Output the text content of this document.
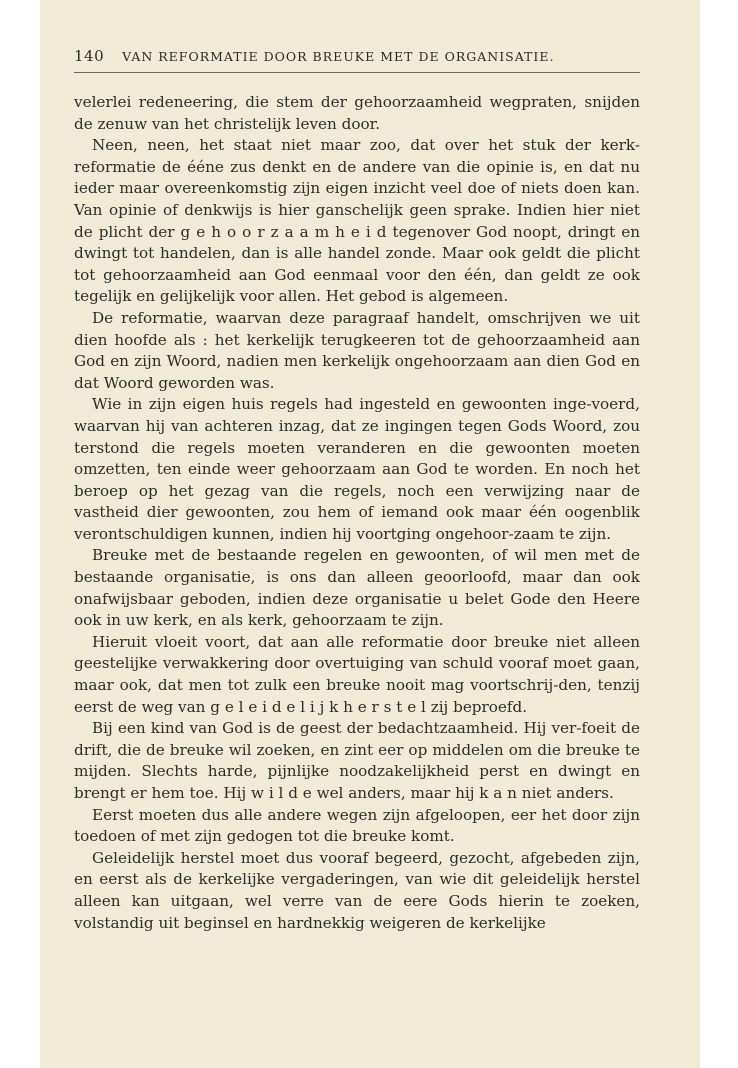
140 VAN REFORMATIE DOOR BREUKE MET DE ORGANISATIE.

velerlei redeneering, die stem der gehoorzaamheid wegpraten, snijden de zenuw van het christelijk leven door.

Neen, neen, het staat niet maar zoo, dat over het stuk der kerk-reformatie de ééne zus denkt en de andere van die opinie is, en dat nu ieder maar overeenkomstig zijn eigen inzicht veel doe of niets doen kan. Van opinie of denkwijs is hier ganschelijk geen sprake. Indien hier niet de plicht der g e h o o r z a a m h e i d tegenover God noopt, dringt en dwingt tot handelen, dan is alle handel zonde. Maar ook geldt die plicht tot gehoorzaamheid aan God eenmaal voor den één, dan geldt ze ook tegelijk en gelijkelijk voor allen. Het gebod is algemeen.

De reformatie, waarvan deze paragraaf handelt, omschrijven we uit dien hoofde als : het kerkelijk terugkeeren tot de gehoorzaamheid aan God en zijn Woord, nadien men kerkelijk ongehoorzaam aan dien God en dat Woord geworden was.

Wie in zijn eigen huis regels had ingesteld en gewoonten inge-voerd, waarvan hij van achteren inzag, dat ze ingingen tegen Gods Woord, zou terstond die regels moeten veranderen en die gewoonten moeten omzetten, ten einde weer gehoorzaam aan God te worden. En noch het beroep op het gezag van die regels, noch een verwijzing naar de vastheid dier gewoonten, zou hem of iemand ook maar één oogenblik verontschuldigen kunnen, indien hij voortging ongehoor-zaam te zijn.

Breuke met de bestaande regelen en gewoonten, of wil men met de bestaande organisatie, is ons dan alleen geoorloofd, maar dan ook onafwijsbaar geboden, indien deze organisatie u belet Gode den Heere ook in uw kerk, en als kerk, gehoorzaam te zijn.

Hieruit vloeit voort, dat aan alle reformatie door breuke niet alleen geestelijke verwakkering door overtuiging van schuld vooraf moet gaan, maar ook, dat men tot zulk een breuke nooit mag voortschrij-den, tenzij eerst de weg van g e l e i d e l i j k h e r s t e l zij beproefd.

Bij een kind van God is de geest der bedachtzaamheid. Hij ver-foeit de drift, die de breuke wil zoeken, en zint eer op middelen om die breuke te mijden. Slechts harde, pijnlijke noodzakelijkheid perst en dwingt en brengt er hem toe. Hij w i l d e wel anders, maar hij k a n niet anders.

Eerst moeten dus alle andere wegen zijn afgeloopen, eer het door zijn toedoen of met zijn gedogen tot die breuke komt.

Geleidelijk herstel moet dus vooraf begeerd, gezocht, afgebeden zijn, en eerst als de kerkelijke vergaderingen, van wie dit geleidelijk herstel alleen kan uitgaan, wel verre van de eere Gods hierin te zoeken, volstandig uit beginsel en hardnekkig weigeren de kerkelijke
